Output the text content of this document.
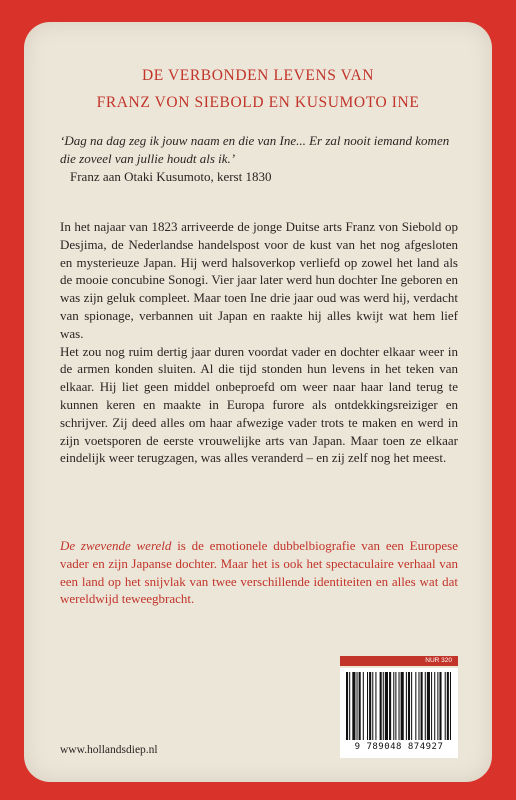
DE VERBONDEN LEVENS VAN
FRANZ VON SIEBOLD EN KUSUMOTO INE
‘Dag na dag zeg ik jouw naam en die van Ine... Er zal nooit iemand komen die zoveel van jullie houdt als ik.’
Franz aan Otaki Kusumoto, kerst 1830

In het najaar van 1823 arriveerde de jonge Duitse arts Franz von Siebold op Desjima, de Nederlandse handelspost voor de kust van het nog afgesloten en mysterieuze Japan. Hij werd halsoverkop verliefd op zowel het land als de mooie concubine Sonogi. Vier jaar later werd hun dochter Ine geboren en was zijn geluk compleet. Maar toen Ine drie jaar oud was werd hij, verdacht van spionage, verbannen uit Japan en raakte hij alles kwijt wat hem lief was.

Het zou nog ruim dertig jaar duren voordat vader en dochter elkaar weer in de armen konden sluiten. Al die tijd stonden hun levens in het teken van elkaar. Hij liet geen middel onbeproefd om weer naar haar land terug te kunnen keren en maakte in Europa furore als ontdekkingsreiziger en schrijver. Zij deed alles om haar afwezige vader trots te maken en werd in zijn voetsporen de eerste vrouwelijke arts van Japan. Maar toen ze elkaar eindelijk weer terugzagen, was alles veranderd – en zij zelf nog het meest.

De zwevende wereld is de emotionele dubbelbiografie van een Europese vader en zijn Japanse dochter. Maar het is ook het spectaculaire verhaal van een land op het snijvlak van twee verschillende identiteiten en alles wat dat wereldwijd teweegbracht.
NUR 320
9 789048 874927
www.hollandsdiep.nl
